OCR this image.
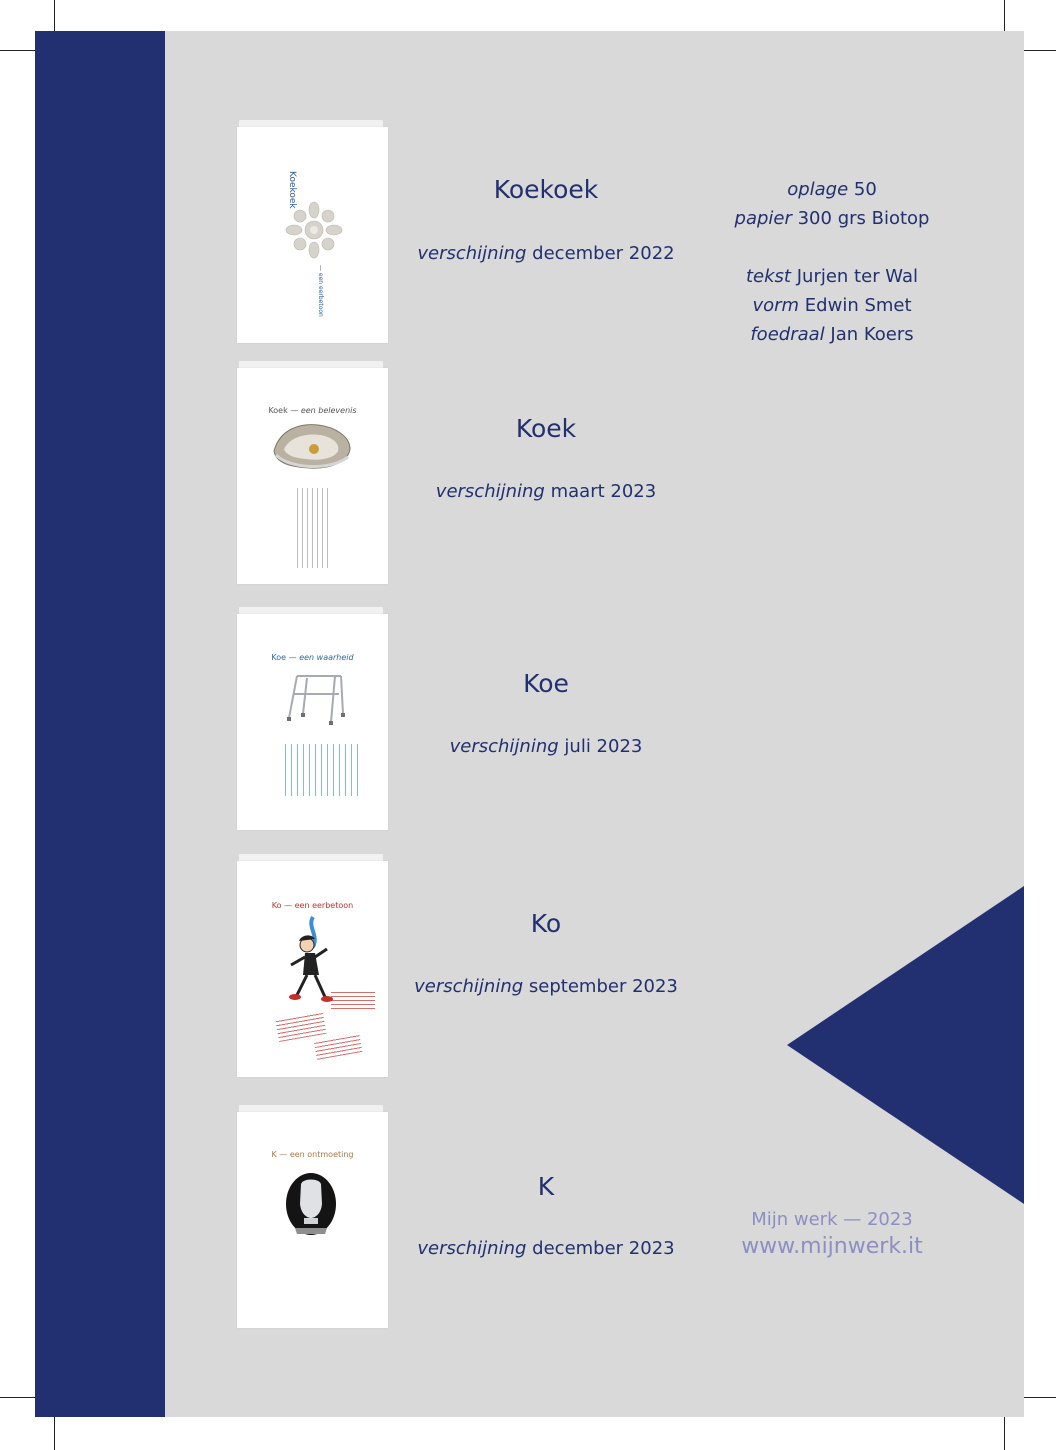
Koekoek
— een eerbetoon
Koek — een belevenis
Koe — een waarheid
Ko — een eerbetoon
K — een ontmoeting
Koekoek
verschijning december 2022
Koek
verschijning maart 2023
Koe
verschijning juli 2023
Ko
verschijning september 2023
K
verschijning december 2023
oplage 50
papier 300 grs Biotop
tekst Jurjen ter Wal
vorm Edwin Smet
foedraal Jan Koers
Mijn werk — 2023
www.mijnwerk.it
